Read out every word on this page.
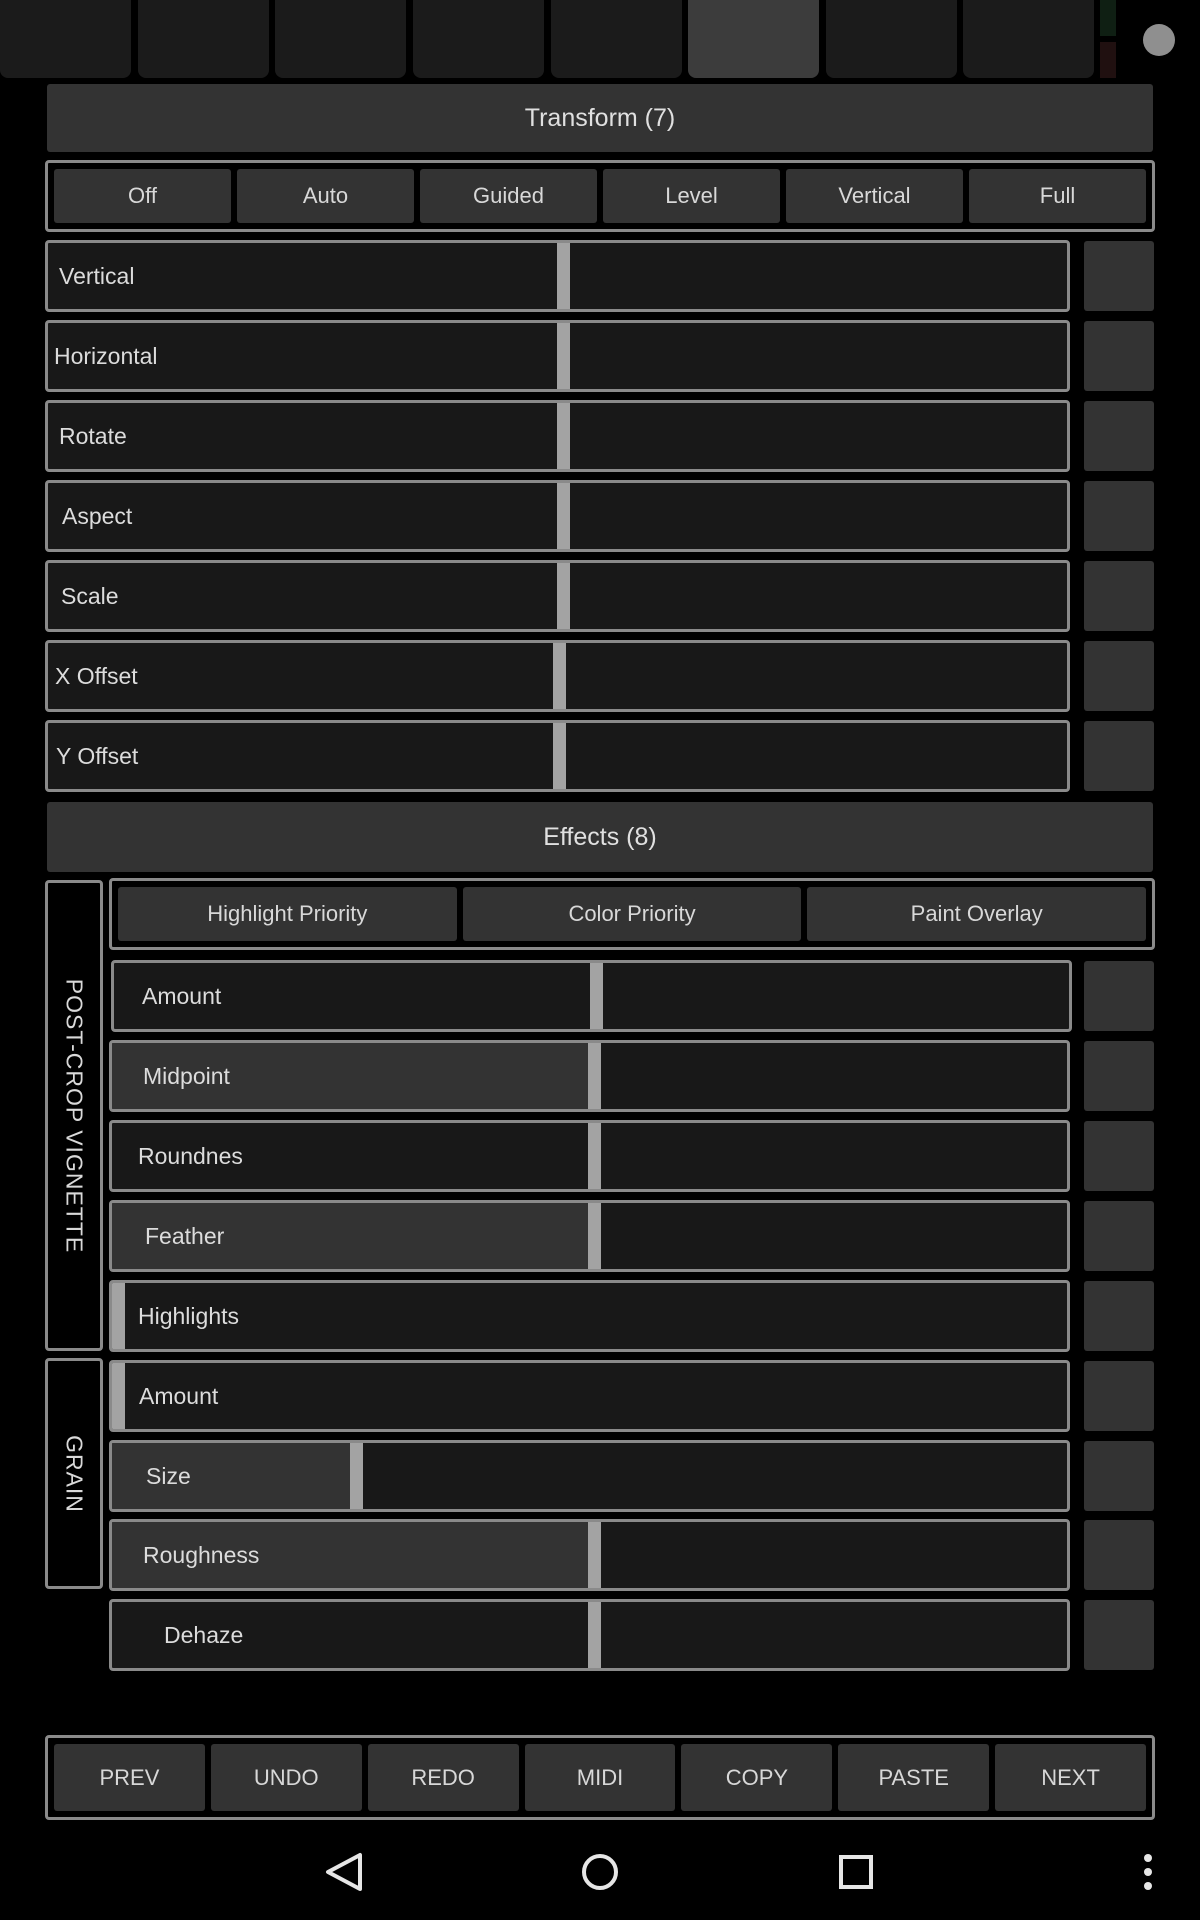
Transform (7)
Off	Auto	Guided	Level	Vertical	Full
Vertical
Horizontal
Rotate
Aspect
Scale
X Offset
Y Offset
Effects (8)
POST-CROP VIGNETTE
Highlight Priority	Color Priority	Paint Overlay
Amount
Midpoint
Roundnes
Feather
Highlights
GRAIN
Amount
Size
Roughness
Dehaze
PREV	UNDO	REDO	MIDI	COPY	PASTE	NEXT
